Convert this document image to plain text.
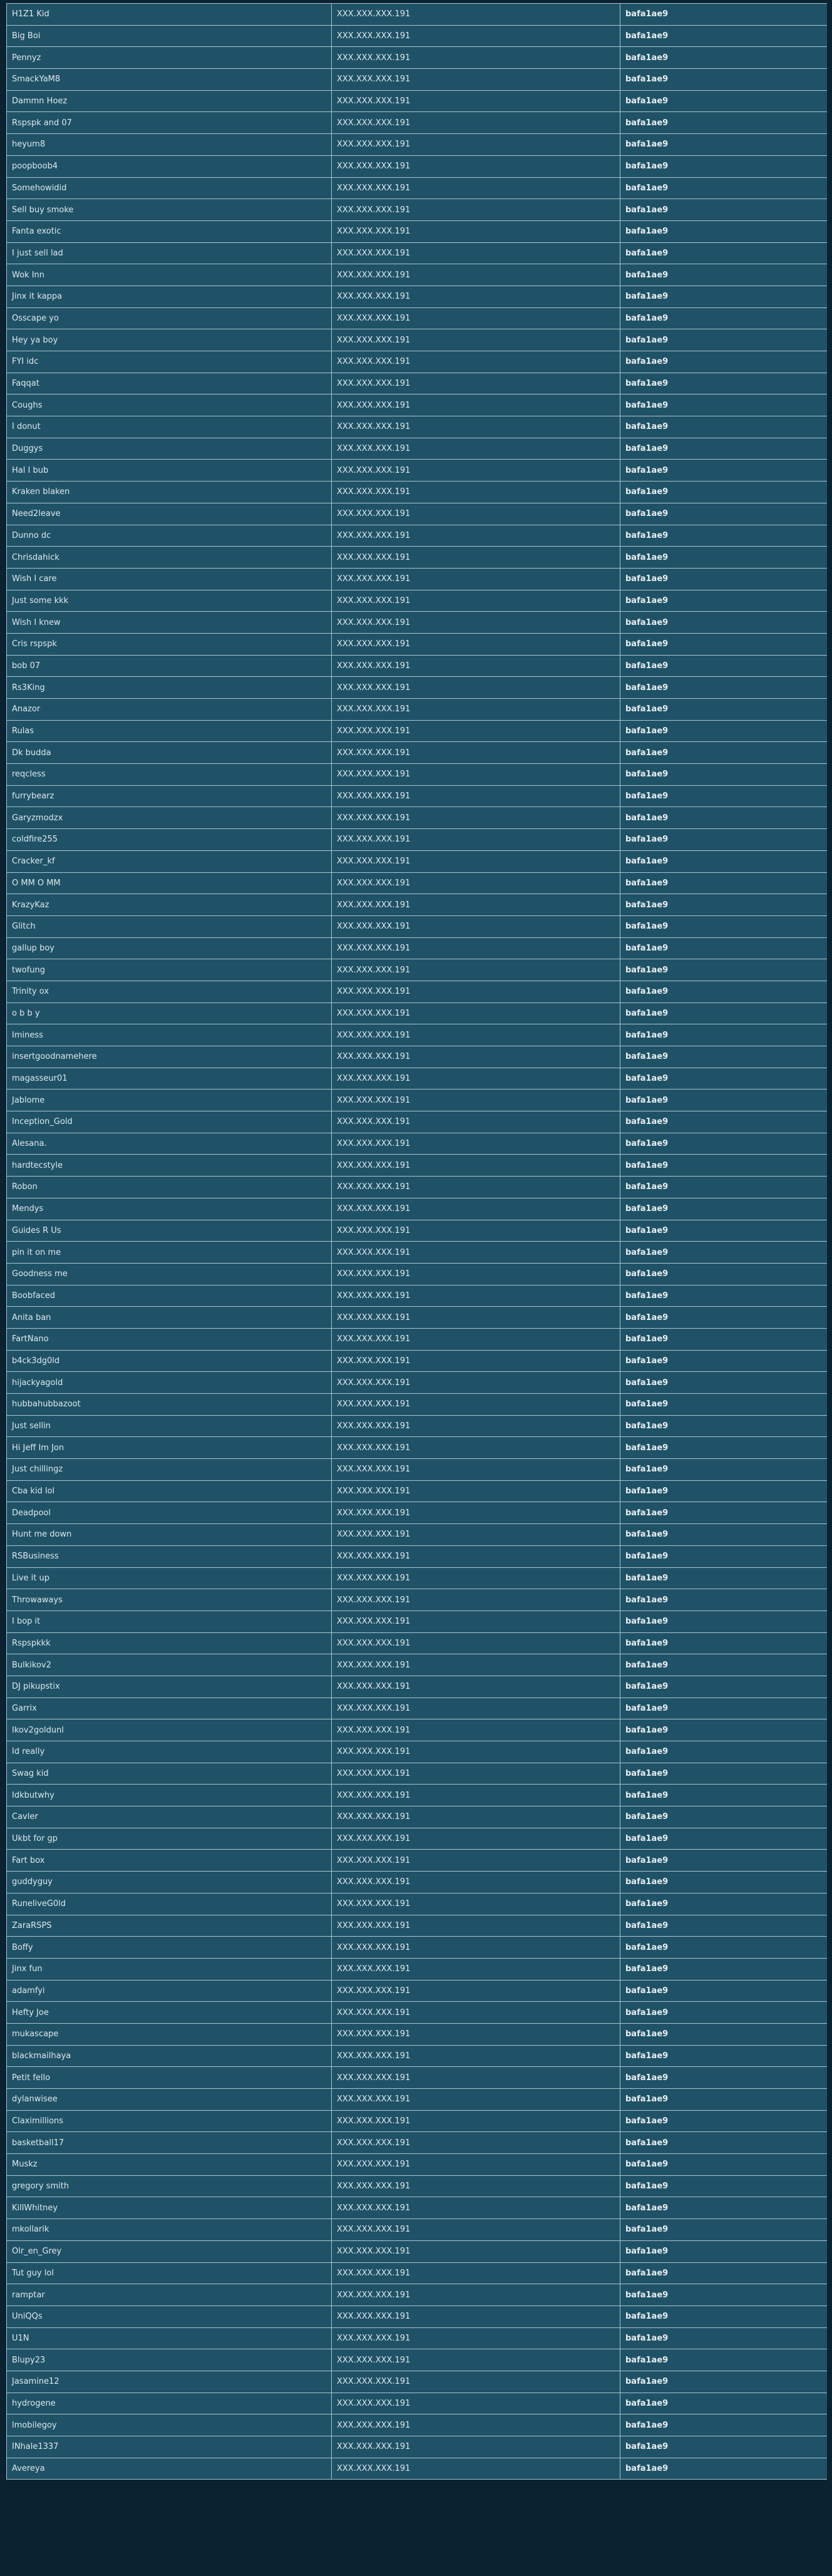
H1Z1 Kid	XXX.XXX.XXX.191	bafa1ae9
Big Boi	XXX.XXX.XXX.191	bafa1ae9
Pennyz	XXX.XXX.XXX.191	bafa1ae9
SmackYaM8	XXX.XXX.XXX.191	bafa1ae9
Dammn Hoez	XXX.XXX.XXX.191	bafa1ae9
Rspspk and 07	XXX.XXX.XXX.191	bafa1ae9
heyum8	XXX.XXX.XXX.191	bafa1ae9
poopboob4	XXX.XXX.XXX.191	bafa1ae9
Somehowidid	XXX.XXX.XXX.191	bafa1ae9
Sell buy smoke	XXX.XXX.XXX.191	bafa1ae9
Fanta exotic	XXX.XXX.XXX.191	bafa1ae9
I just sell lad	XXX.XXX.XXX.191	bafa1ae9
Wok Inn	XXX.XXX.XXX.191	bafa1ae9
Jinx it kappa	XXX.XXX.XXX.191	bafa1ae9
Osscape yo	XXX.XXX.XXX.191	bafa1ae9
Hey ya boy	XXX.XXX.XXX.191	bafa1ae9
FYI idc	XXX.XXX.XXX.191	bafa1ae9
Faqqat	XXX.XXX.XXX.191	bafa1ae9
Coughs	XXX.XXX.XXX.191	bafa1ae9
I donut	XXX.XXX.XXX.191	bafa1ae9
Duggys	XXX.XXX.XXX.191	bafa1ae9
Hal I bub	XXX.XXX.XXX.191	bafa1ae9
Kraken blaken	XXX.XXX.XXX.191	bafa1ae9
Need2leave	XXX.XXX.XXX.191	bafa1ae9
Dunno dc	XXX.XXX.XXX.191	bafa1ae9
Chrisdahick	XXX.XXX.XXX.191	bafa1ae9
Wish I care	XXX.XXX.XXX.191	bafa1ae9
Just some kkk	XXX.XXX.XXX.191	bafa1ae9
Wish I knew	XXX.XXX.XXX.191	bafa1ae9
Cris rspspk	XXX.XXX.XXX.191	bafa1ae9
bob 07	XXX.XXX.XXX.191	bafa1ae9
Rs3King	XXX.XXX.XXX.191	bafa1ae9
Anazor	XXX.XXX.XXX.191	bafa1ae9
Rulas	XXX.XXX.XXX.191	bafa1ae9
Dk budda	XXX.XXX.XXX.191	bafa1ae9
reqcless	XXX.XXX.XXX.191	bafa1ae9
furrybearz	XXX.XXX.XXX.191	bafa1ae9
Garyzmodzx	XXX.XXX.XXX.191	bafa1ae9
coldfire255	XXX.XXX.XXX.191	bafa1ae9
Cracker_kf	XXX.XXX.XXX.191	bafa1ae9
O MM O MM	XXX.XXX.XXX.191	bafa1ae9
KrazyKaz	XXX.XXX.XXX.191	bafa1ae9
Glitch	XXX.XXX.XXX.191	bafa1ae9
gallup boy	XXX.XXX.XXX.191	bafa1ae9
twofung	XXX.XXX.XXX.191	bafa1ae9
Trinity ox	XXX.XXX.XXX.191	bafa1ae9
o b b y	XXX.XXX.XXX.191	bafa1ae9
Iminess	XXX.XXX.XXX.191	bafa1ae9
insertgoodnamehere	XXX.XXX.XXX.191	bafa1ae9
magasseur01	XXX.XXX.XXX.191	bafa1ae9
Jablome	XXX.XXX.XXX.191	bafa1ae9
Inception_Gold	XXX.XXX.XXX.191	bafa1ae9
Alesana.	XXX.XXX.XXX.191	bafa1ae9
hardtecstyle	XXX.XXX.XXX.191	bafa1ae9
Robon	XXX.XXX.XXX.191	bafa1ae9
Mendys	XXX.XXX.XXX.191	bafa1ae9
Guides R Us	XXX.XXX.XXX.191	bafa1ae9
pin it on me	XXX.XXX.XXX.191	bafa1ae9
Goodness me	XXX.XXX.XXX.191	bafa1ae9
Boobfaced	XXX.XXX.XXX.191	bafa1ae9
Anita ban	XXX.XXX.XXX.191	bafa1ae9
FartNano	XXX.XXX.XXX.191	bafa1ae9
b4ck3dg0ld	XXX.XXX.XXX.191	bafa1ae9
hijackyagold	XXX.XXX.XXX.191	bafa1ae9
hubbahubbazoot	XXX.XXX.XXX.191	bafa1ae9
Just sellin	XXX.XXX.XXX.191	bafa1ae9
Hi Jeff Im Jon	XXX.XXX.XXX.191	bafa1ae9
Just chillingz	XXX.XXX.XXX.191	bafa1ae9
Cba kid lol	XXX.XXX.XXX.191	bafa1ae9
Deadpool	XXX.XXX.XXX.191	bafa1ae9
Hunt me down	XXX.XXX.XXX.191	bafa1ae9
RSBusiness	XXX.XXX.XXX.191	bafa1ae9
Live it up	XXX.XXX.XXX.191	bafa1ae9
Throwaways	XXX.XXX.XXX.191	bafa1ae9
I bop it	XXX.XXX.XXX.191	bafa1ae9
Rspspkkk	XXX.XXX.XXX.191	bafa1ae9
Bulkikov2	XXX.XXX.XXX.191	bafa1ae9
DJ pikupstix	XXX.XXX.XXX.191	bafa1ae9
Garrix	XXX.XXX.XXX.191	bafa1ae9
Ikov2goldunl	XXX.XXX.XXX.191	bafa1ae9
Id really	XXX.XXX.XXX.191	bafa1ae9
Swag kid	XXX.XXX.XXX.191	bafa1ae9
Idkbutwhy	XXX.XXX.XXX.191	bafa1ae9
Cavler	XXX.XXX.XXX.191	bafa1ae9
Ukbt for gp	XXX.XXX.XXX.191	bafa1ae9
Fart box	XXX.XXX.XXX.191	bafa1ae9
guddyguy	XXX.XXX.XXX.191	bafa1ae9
RuneliveG0ld	XXX.XXX.XXX.191	bafa1ae9
ZaraRSPS	XXX.XXX.XXX.191	bafa1ae9
Boffy	XXX.XXX.XXX.191	bafa1ae9
Jinx fun	XXX.XXX.XXX.191	bafa1ae9
adamfyi	XXX.XXX.XXX.191	bafa1ae9
Hefty Joe	XXX.XXX.XXX.191	bafa1ae9
mukascape	XXX.XXX.XXX.191	bafa1ae9
blackmailhaya	XXX.XXX.XXX.191	bafa1ae9
Petit fello	XXX.XXX.XXX.191	bafa1ae9
dylanwisee	XXX.XXX.XXX.191	bafa1ae9
Claximillions	XXX.XXX.XXX.191	bafa1ae9
basketball17	XXX.XXX.XXX.191	bafa1ae9
Muskz	XXX.XXX.XXX.191	bafa1ae9
gregory smith	XXX.XXX.XXX.191	bafa1ae9
KillWhitney	XXX.XXX.XXX.191	bafa1ae9
mkollarik	XXX.XXX.XXX.191	bafa1ae9
Olr_en_Grey	XXX.XXX.XXX.191	bafa1ae9
Tut guy lol	XXX.XXX.XXX.191	bafa1ae9
ramptar	XXX.XXX.XXX.191	bafa1ae9
UniQQs	XXX.XXX.XXX.191	bafa1ae9
U1N	XXX.XXX.XXX.191	bafa1ae9
Blupy23	XXX.XXX.XXX.191	bafa1ae9
Jasamine12	XXX.XXX.XXX.191	bafa1ae9
hydrogene	XXX.XXX.XXX.191	bafa1ae9
lmobilegoy	XXX.XXX.XXX.191	bafa1ae9
INhale1337	XXX.XXX.XXX.191	bafa1ae9
Avereya	XXX.XXX.XXX.191	bafa1ae9
